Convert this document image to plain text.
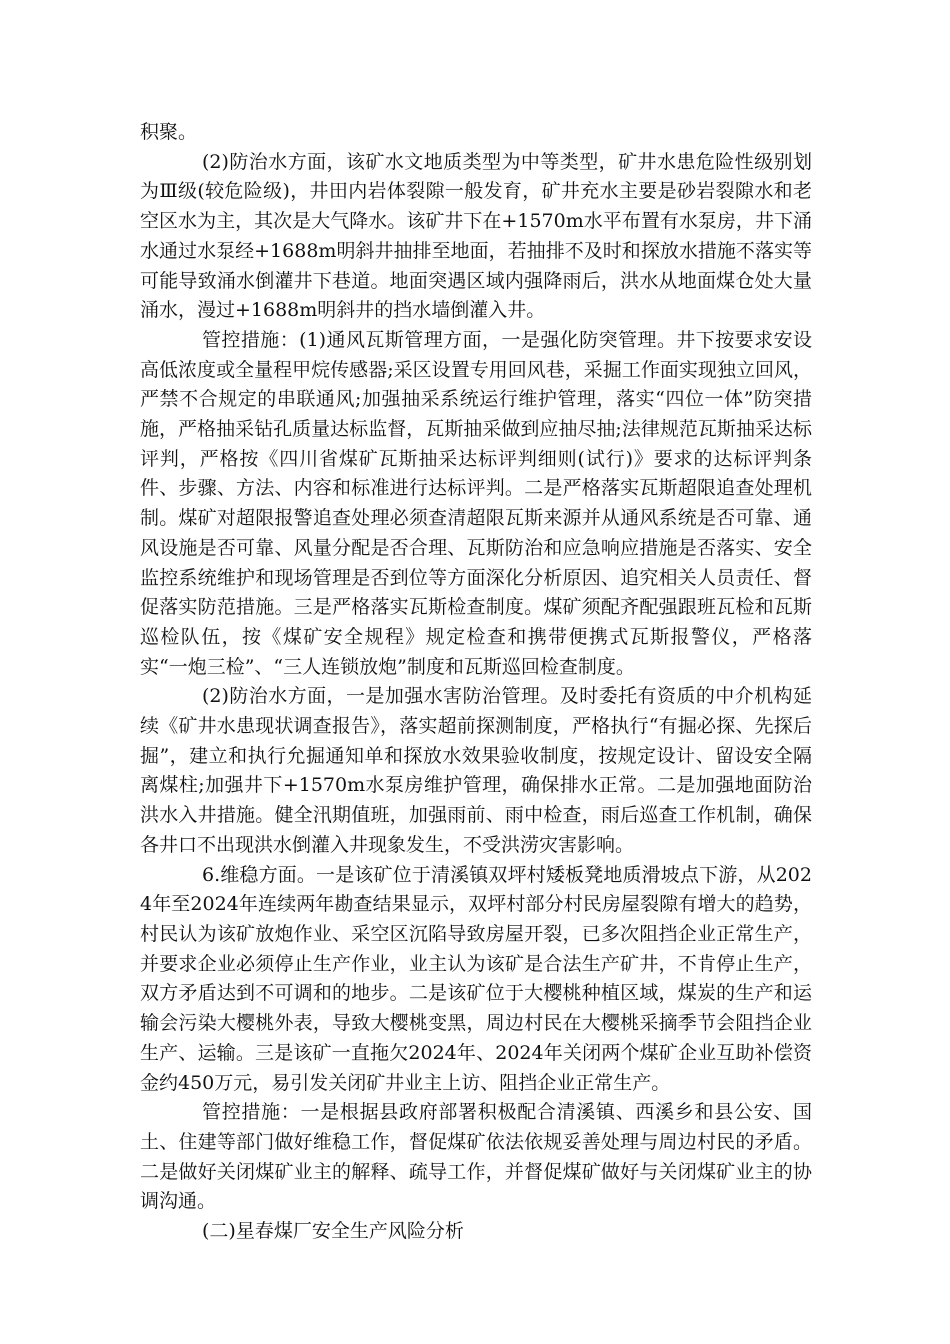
积聚。

(2)防治水方面，该矿水文地质类型为中等类型，矿井水患危险性级别划为Ⅲ级(较危险级)，井田内岩体裂隙一般发育，矿井充水主要是砂岩裂隙水和老空区水为主，其次是大气降水。该矿井下在+1570m水平布置有水泵房，井下涌水通过水泵经+1688m明斜井抽排至地面，若抽排不及时和探放水措施不落实等可能导致涌水倒灌井下巷道。地面突遇区域内强降雨后，洪水从地面煤仓处大量涌水，漫过+1688m明斜井的挡水墙倒灌入井。

管控措施：(1)通风瓦斯管理方面，一是强化防突管理。井下按要求安设高低浓度或全量程甲烷传感器;采区设置专用回风巷，采掘工作面实现独立回风，严禁不合规定的串联通风;加强抽采系统运行维护管理，落实“四位一体”防突措施，严格抽采钻孔质量达标监督，瓦斯抽采做到应抽尽抽;法律规范瓦斯抽采达标评判，严格按《四川省煤矿瓦斯抽采达标评判细则(试行)》要求的达标评判条件、步骤、方法、内容和标准进行达标评判。二是严格落实瓦斯超限追查处理机制。煤矿对超限报警追查处理必须查清超限瓦斯来源并从通风系统是否可靠、通风设施是否可靠、风量分配是否合理、瓦斯防治和应急响应措施是否落实、安全监控系统维护和现场管理是否到位等方面深化分析原因、追究相关人员责任、督促落实防范措施。三是严格落实瓦斯检查制度。煤矿须配齐配强跟班瓦检和瓦斯巡检队伍，按《煤矿安全规程》规定检查和携带便携式瓦斯报警仪，严格落实“一炮三检”、“三人连锁放炮”制度和瓦斯巡回检查制度。

(2)防治水方面，一是加强水害防治管理。及时委托有资质的中介机构延续《矿井水患现状调查报告》，落实超前探测制度，严格执行“有掘必探、先探后掘”，建立和执行允掘通知单和探放水效果验收制度，按规定设计、留设安全隔离煤柱;加强井下+1570m水泵房维护管理，确保排水正常。二是加强地面防治洪水入井措施。健全汛期值班，加强雨前、雨中检查，雨后巡查工作机制，确保各井口不出现洪水倒灌入井现象发生，不受洪涝灾害影响。

6.维稳方面。一是该矿位于清溪镇双坪村矮板凳地质滑坡点下游，从2024年至2024年连续两年勘查结果显示，双坪村部分村民房屋裂隙有增大的趋势，村民认为该矿放炮作业、采空区沉陷导致房屋开裂，已多次阻挡企业正常生产，并要求企业必须停止生产作业，业主认为该矿是合法生产矿井，不肯停止生产，双方矛盾达到不可调和的地步。二是该矿位于大樱桃种植区域，煤炭的生产和运输会污染大樱桃外表，导致大樱桃变黑，周边村民在大樱桃采摘季节会阻挡企业生产、运输。三是该矿一直拖欠2024年、2024年关闭两个煤矿企业互助补偿资金约450万元，易引发关闭矿井业主上访、阻挡企业正常生产。

管控措施：一是根据县政府部署积极配合清溪镇、西溪乡和县公安、国土、住建等部门做好维稳工作，督促煤矿依法依规妥善处理与周边村民的矛盾。二是做好关闭煤矿业主的解释、疏导工作，并督促煤矿做好与关闭煤矿业主的协调沟通。

(二)星春煤厂安全生产风险分析
